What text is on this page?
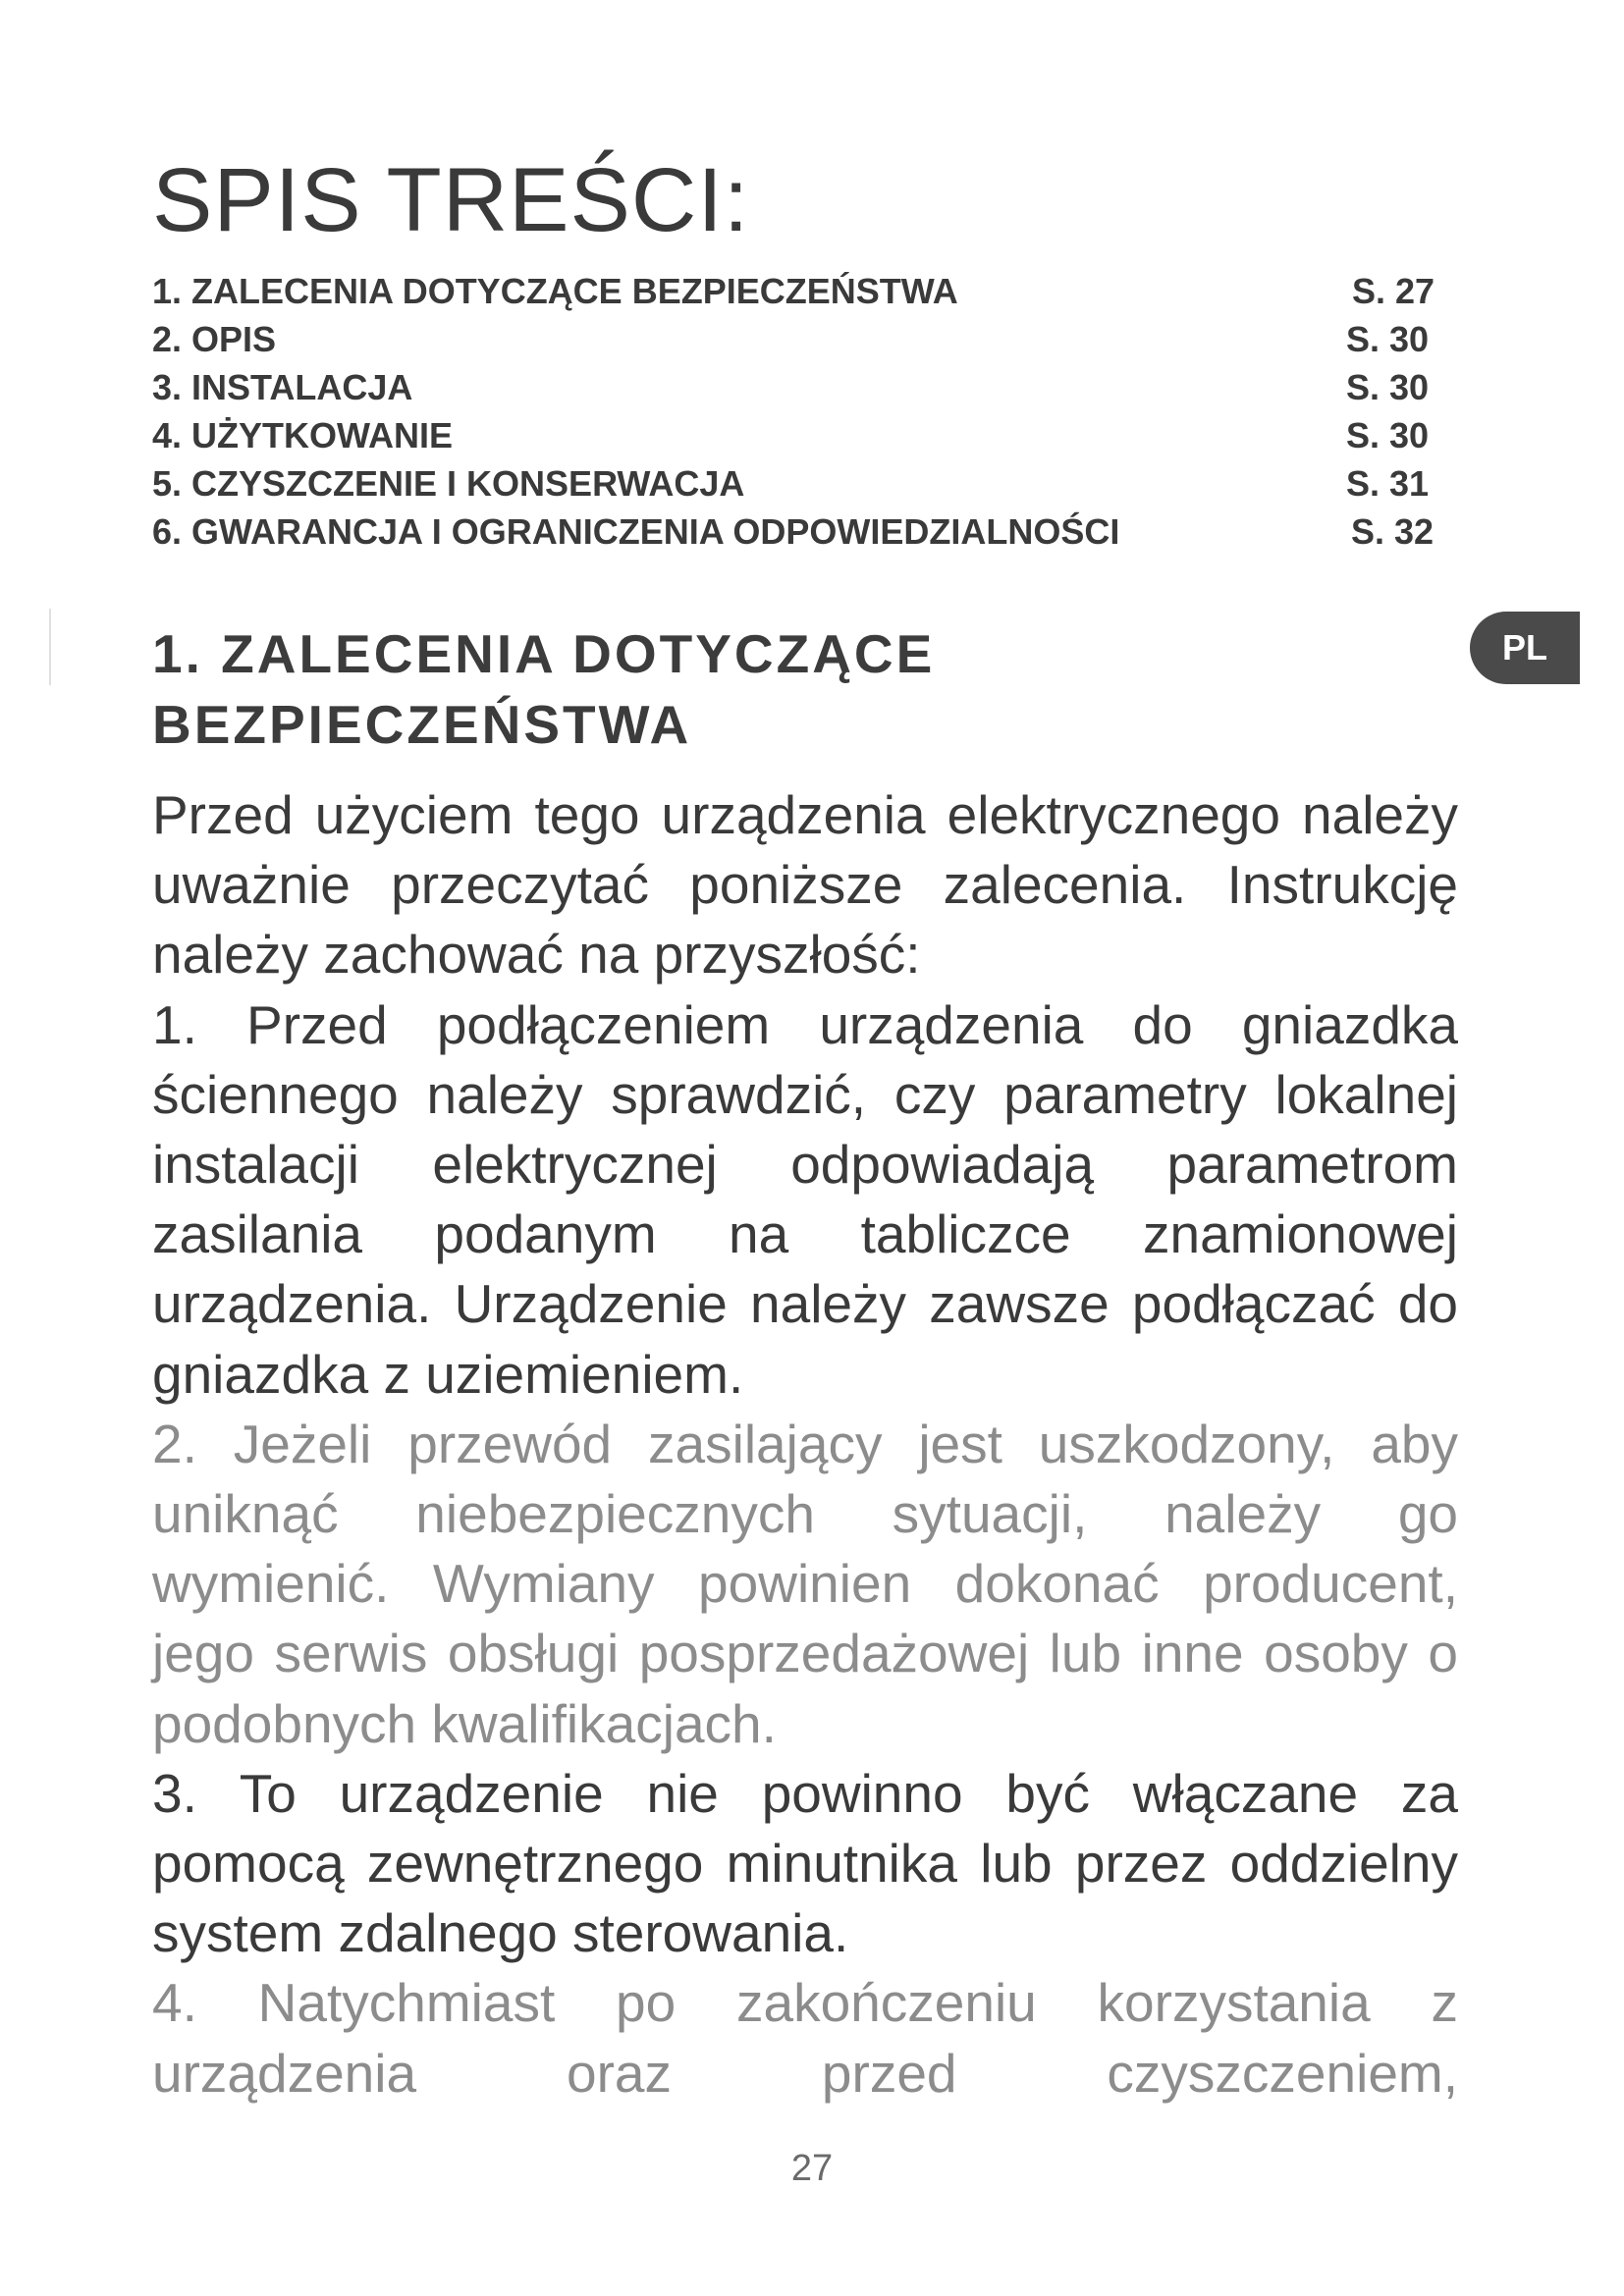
SPIS TREŚCI:
1. ZALECENIA DOTYCZĄCE BEZPIECZEŃSTWA	S. 27
2. OPIS	S. 30
3. INSTALACJA	S. 30
4. UŻYTKOWANIE	S. 30
5. CZYSZCZENIE I KONSERWACJA	S. 31
6. GWARANCJA I OGRANICZENIA ODPOWIEDZIALNOŚCI	S. 32
PL
1. ZALECENIA DOTYCZĄCE
BEZPIECZEŃSTWA

Przed użyciem tego urządzenia elektrycznego należy uważnie przeczytać poniższe zalecenia. Instrukcję należy zachować na przyszłość:

1. Przed podłączeniem urządzenia do gniazdka ściennego należy sprawdzić, czy parametry lokalnej instalacji elektrycznej odpowiadają parametrom zasilania podanym na tabliczce znamionowej urządzenia. Urządzenie należy zawsze podłączać do gniazdka z uziemieniem.

2. Jeżeli przewód zasilający jest uszkodzony, aby uniknąć niebezpiecznych sytuacji, należy go wymienić. Wymiany powinien dokonać producent, jego serwis obsługi posprzedażowej lub inne osoby o podobnych kwalifikacjach.

3. To urządzenie nie powinno być włączane za pomocą zewnętrznego minutnika lub przez oddzielny system zdalnego sterowania.

4. Natychmiast po zakończeniu korzystania z urządzenia oraz przed czyszczeniem,

27
